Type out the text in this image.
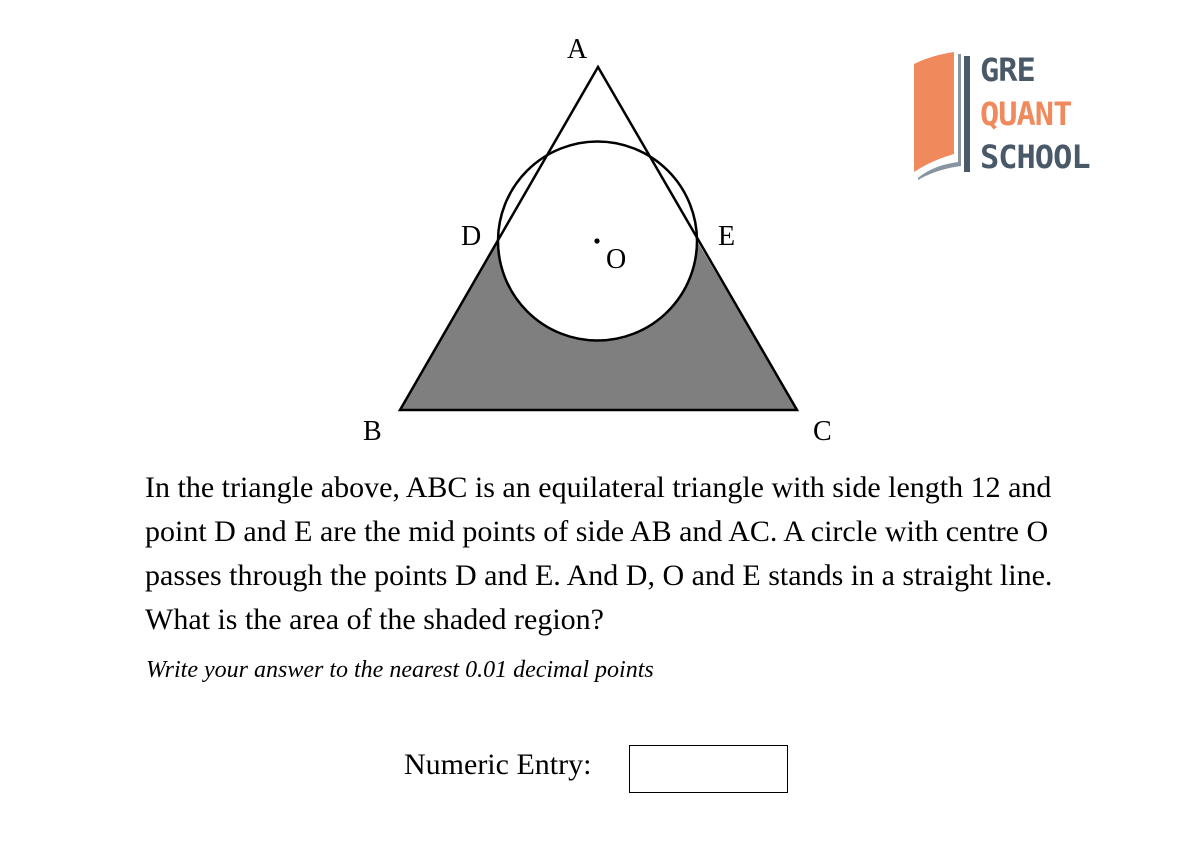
A
B	C
D	E
O
GRE
QUANT
SCHOOL

In the triangle above, ABC is an equilateral triangle with side length 12 and point D and E are the mid points of side AB and AC. A circle with centre O passes through the points D and E. And D, O and E stands in a straight line. What is the area of the shaded region?

Write your answer to the nearest 0.01 decimal points

Numeric Entry:
